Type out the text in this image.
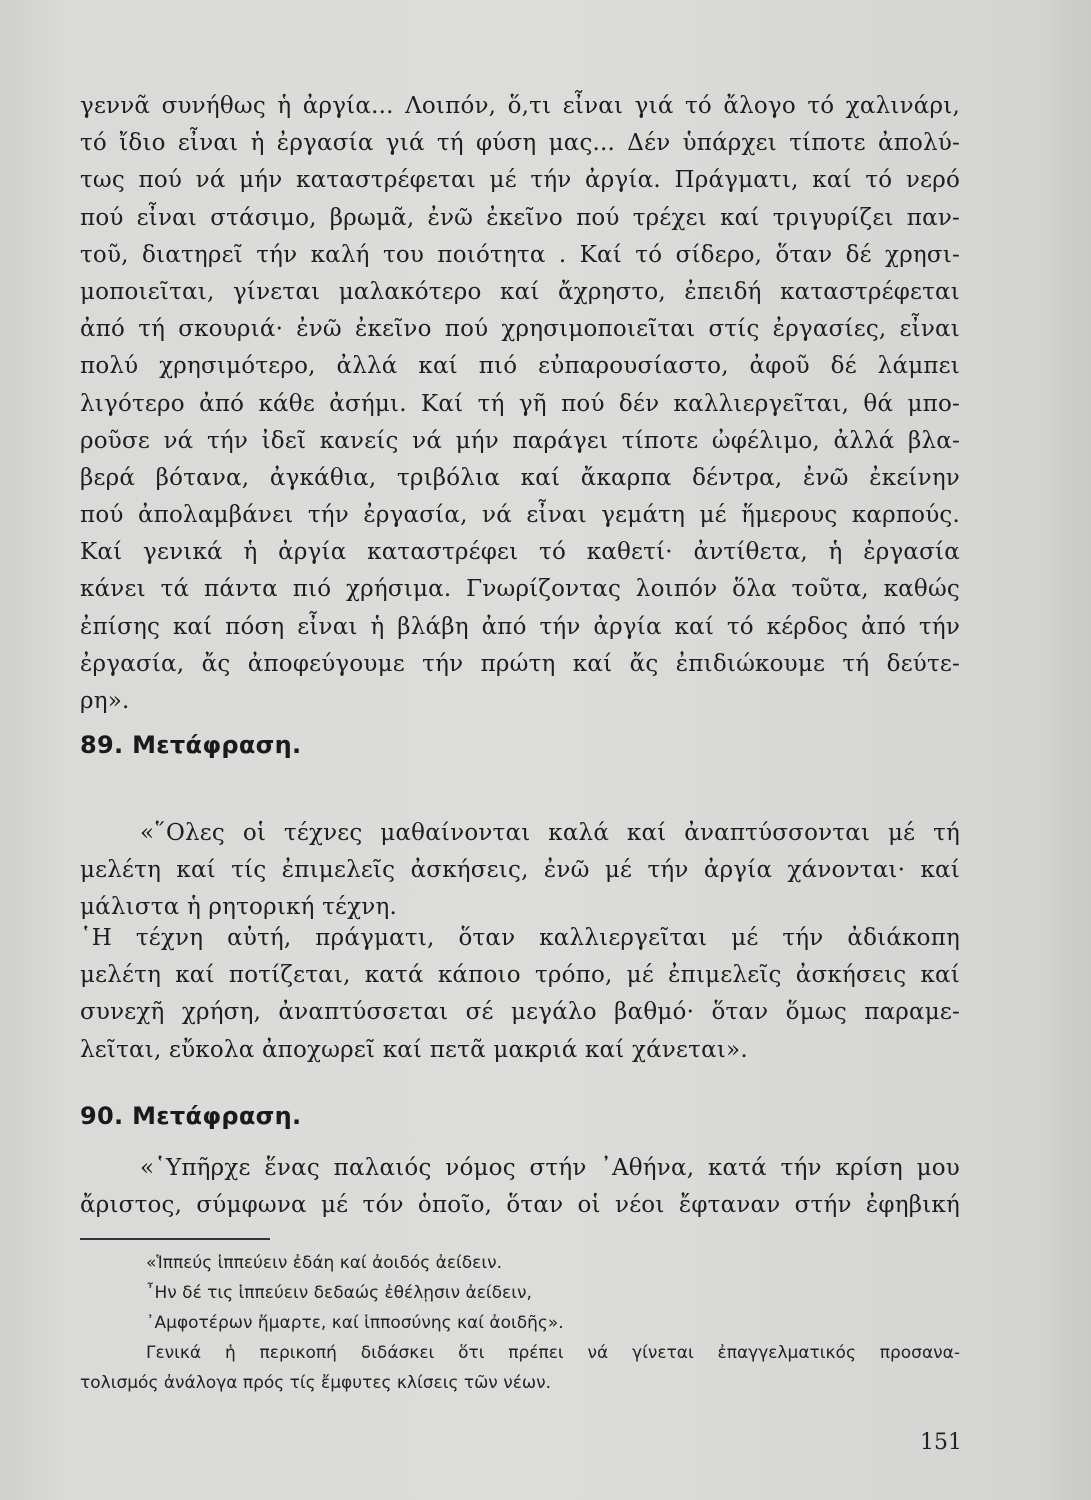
γεννᾶ συνήθως ἡ ἀργία... Λοιπόν, ὅ,τι εἶναι γιά τό ἄλογο τό χαλινάρι,
τό ἴδιο εἶναι ἡ ἐργασία γιά τή φύση μας... Δέν ὑπάρχει τίποτε ἀπολύ-
τως πού νά μήν καταστρέφεται μέ τήν ἀργία. Πράγματι, καί τό νερό
πού εἶναι στάσιμο, βρωμᾶ, ἐνῶ ἐκεῖνο πού τρέχει καί τριγυρίζει παν-
τοῦ, διατηρεῖ τήν καλή του ποιότητα . Καί τό σίδερο, ὅταν δέ χρησι-
μοποιεῖται, γίνεται μαλακότερο καί ἄχρηστο, ἐπειδή καταστρέφεται
ἀπό τή σκουριά· ἐνῶ ἐκεῖνο πού χρησιμοποιεῖται στίς ἐργασίες, εἶναι
πολύ χρησιμότερο, ἀλλά καί πιό εὐπαρουσίαστο, ἀφοῦ δέ λάμπει
λιγότερο ἀπό κάθε ἀσήμι. Καί τή γῆ πού δέν καλλιεργεῖται, θά μπο-
ροῦσε νά τήν ἰδεῖ κανείς νά μήν παράγει τίποτε ὠφέλιμο, ἀλλά βλα-
βερά βότανα, ἀγκάθια, τριβόλια καί ἄκαρπα δέντρα, ἐνῶ ἐκείνην
πού ἀπολαμβάνει τήν ἐργασία, νά εἶναι γεμάτη μέ ἥμερους καρπούς.
Καί γενικά ἡ ἀργία καταστρέφει τό καθετί· ἀντίθετα, ἡ ἐργασία
κάνει τά πάντα πιό χρήσιμα. Γνωρίζοντας λοιπόν ὅλα τοῦτα, καθώς
ἐπίσης καί πόση εἶναι ἡ βλάβη ἀπό τήν ἀργία καί τό κέρδος ἀπό τήν
ἐργασία, ἄς ἀποφεύγουμε τήν πρώτη καί ἄς ἐπιδιώκουμε τή δεύτε-
ρη».
89. Μετάφραση.
«῞Ολες οἱ τέχνες μαθαίνονται καλά καί ἀναπτύσσονται μέ τή
μελέτη καί τίς ἐπιμελεῖς ἀσκήσεις, ἐνῶ μέ τήν ἀργία χάνονται· καί
μάλιστα ἡ ρητορική τέχνη.
῾Η τέχνη αὐτή, πράγματι, ὅταν καλλιεργεῖται μέ τήν ἀδιάκοπη
μελέτη καί ποτίζεται, κατά κάποιο τρόπο, μέ ἐπιμελεῖς ἀσκήσεις καί
συνεχῆ χρήση, ἀναπτύσσεται σέ μεγάλο βαθμό· ὅταν ὅμως παραμε-
λεῖται, εὔκολα ἀποχωρεῖ καί πετᾶ μακριά καί χάνεται».
90. Μετάφραση.
«῾Υπῆρχε ἕνας παλαιός νόμος στήν ᾿Αθήνα, κατά τήν κρίση μου
ἄριστος, σύμφωνα μέ τόν ὁποῖο, ὅταν οἱ νέοι ἔφταναν στήν ἐφηβική
«Ἱππεύς ἱππεύειν ἐδάη καί ἀοιδός ἀείδειν.
῏Ην δέ τις ἱππεύειν δεδαώς ἐθέλῃσιν ἀείδειν,
᾿Αμφοτέρων ἥμαρτε, καί ἱπποσύνης καί ἀοιδῆς».
Γενικά ἡ περικοπή διδάσκει ὅτι πρέπει νά γίνεται ἐπαγγελματικός προσανα-
τολισμός ἀνάλογα πρός τίς ἔμφυτες κλίσεις τῶν νέων.
151
